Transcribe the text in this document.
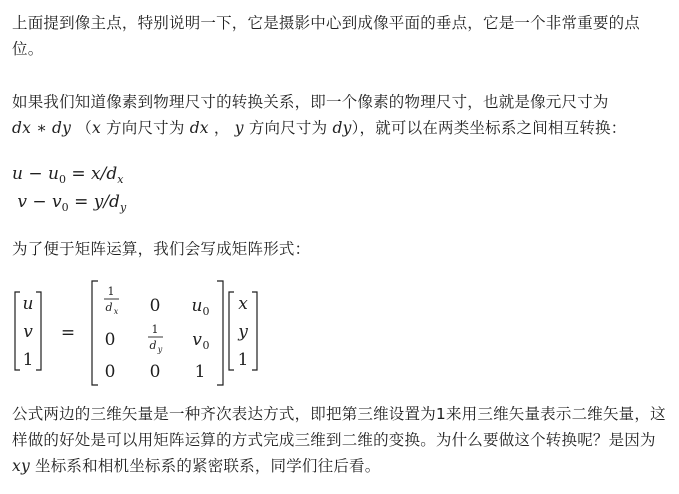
上面提到像主点，特别说明一下，它是摄影中心到成像平面的垂点，它是一个非常重要的点位。

如果我们知道像素到物理尺寸的转换关系，即一个像素的物理尺寸，也就是像元尺寸为
dx ∗ dy （x 方向尺寸为 dx ， y 方向尺寸为 dy），就可以在两类坐标系之间相互转换：

$u - u_0 = x/d_x$
$v - v_0 = y/d_y$

为了便于矩阵运算，我们会写成矩阵形式：

u
v
1
=
1
d x 0 u 0
0
1
d y v 0
0 0 1
x
y
1

公式两边的三维矢量是一种齐次表达方式，即把第三维设置为1来用三维矢量表示二维矢量，这样做的好处是可以用矩阵运算的方式完成三维到二维的变换。为什么要做这个转换呢？是因为 xy 坐标系和相机坐标系的紧密联系，同学们往后看。
